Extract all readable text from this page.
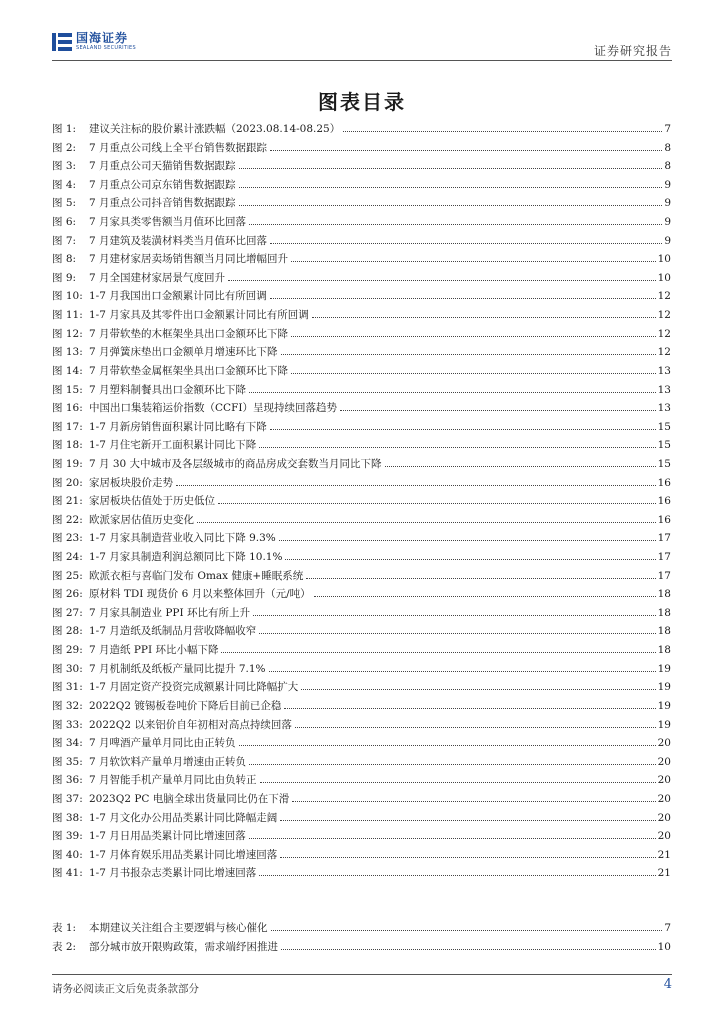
国海证券
SEALAND SECURITIES	证券研究报告
图表目录
图 1:	建议关注标的股价累计涨跌幅（2023.08.14-08.25）	7
图 2:	7 月重点公司线上全平台销售数据跟踪	8
图 3:	7 月重点公司天猫销售数据跟踪	8
图 4:	7 月重点公司京东销售数据跟踪	9
图 5:	7 月重点公司抖音销售数据跟踪	9
图 6:	7 月家具类零售额当月值环比回落	9
图 7:	7 月建筑及装潢材料类当月值环比回落	9
图 8:	7 月建材家居卖场销售额当月同比增幅回升	10
图 9:	7 月全国建材家居景气度回升	10
图 10: 1-7 月我国出口金额累计同比有所回调	12
图 11: 1-7 月家具及其零件出口金额累计同比有所回调	12
图 12: 7 月带软垫的木框架坐具出口金额环比下降	12
图 13: 7 月弹簧床垫出口金额单月增速环比下降	12
图 14: 7 月带软垫金属框架坐具出口金额环比下降	13
图 15: 7 月塑料制餐具出口金额环比下降	13
图 16: 中国出口集装箱运价指数（CCFI）呈现持续回落趋势	13
图 17: 1-7 月新房销售面积累计同比略有下降	15
图 18: 1-7 月住宅新开工面积累计同比下降	15
图 19: 7 月 30 大中城市及各层级城市的商品房成交套数当月同比下降	15
图 20: 家居板块股价走势	16
图 21: 家居板块估值处于历史低位	16
图 22: 欧派家居估值历史变化	16
图 23: 1-7 月家具制造营业收入同比下降 9.3%	17
图 24: 1-7 月家具制造利润总额同比下降 10.1%	17
图 25: 欧派衣柜与喜临门发布 Omax 健康+睡眠系统	17
图 26: 原材料 TDI 现货价 6 月以来整体回升（元/吨）	18
图 27: 7 月家具制造业 PPI 环比有所上升	18
图 28: 1-7 月造纸及纸制品月营收降幅收窄	18
图 29: 7 月造纸 PPI 环比小幅下降	18
图 30: 7 月机制纸及纸板产量同比提升 7.1%	19
图 31: 1-7 月固定资产投资完成额累计同比降幅扩大	19
图 32: 2022Q2 镀锡板卷吨价下降后目前已企稳	19
图 33: 2022Q2 以来铝价自年初相对高点持续回落	19
图 34: 7 月啤酒产量单月同比由正转负	20
图 35: 7 月软饮料产量单月增速由正转负	20
图 36: 7 月智能手机产量单月同比由负转正	20
图 37: 2023Q2 PC 电脑全球出货量同比仍在下滑	20
图 38: 1-7 月文化办公用品类累计同比降幅走阔	20
图 39: 1-7 月日用品类累计同比增速回落	20
图 40: 1-7 月体育娱乐用品类累计同比增速回落	21
图 41: 1-7 月书报杂志类累计同比增速回落	21
表 1:	本期建议关注组合主要逻辑与核心催化	7
表 2:	部分城市放开限购政策，需求端纾困推进	10
请务必阅读正文后免责条款部分	4
